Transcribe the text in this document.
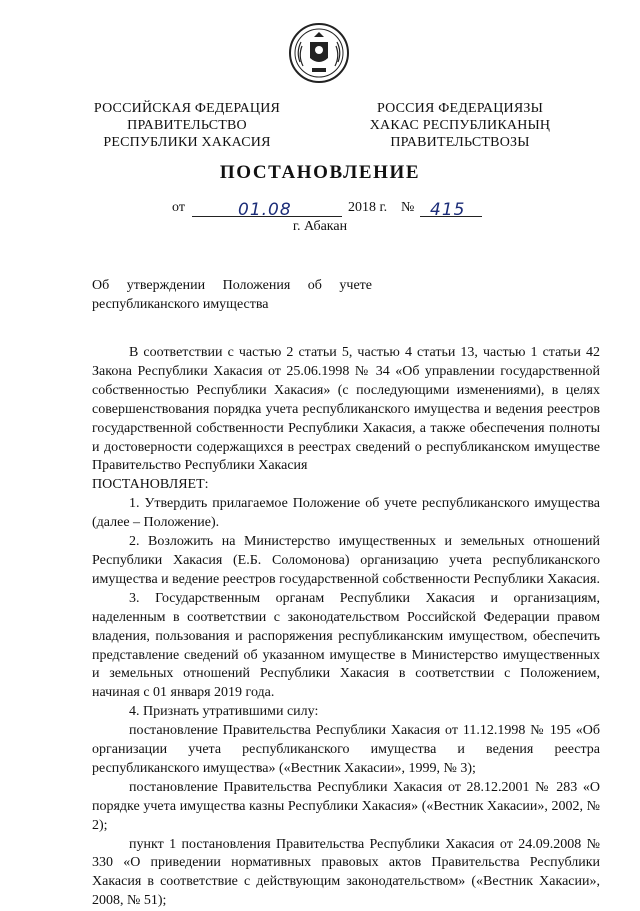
РОССИЙСКАЯ ФЕДЕРАЦИЯ
ПРАВИТЕЛЬСТВО
РЕСПУБЛИКИ ХАКАСИЯ
РОССИЯ ФЕДЕРАЦИЯЗЫ
ХАКАС РЕСПУБЛИКАНЫҢ
ПРАВИТЕЛЬСТВОЗЫ
ПОСТАНОВЛЕНИЕ
от	01.08	2018 г. № 415
г. Абакан
Об утверждении Положения об учете республиканского имущества

В соответствии с частью 2 статьи 5, частью 4 статьи 13, частью 1 статьи 42 Закона Республики Хакасия от 25.06.1998 № 34 «Об управлении государственной собственностью Республики Хакасия» (с последующими изменениями), в целях совершенствования порядка учета республиканского имущества и ведения реестров государственной собственности Республики Хакасия, а также обеспечения полноты и достоверности содержащихся в реестрах сведений о республиканском имуществе Правительство Республики Хакасия

ПОСТАНОВЛЯЕТ:

1. Утвердить прилагаемое Положение об учете республиканского имущества (далее – Положение).

2. Возложить на Министерство имущественных и земельных отношений Республики Хакасия (Е.Б. Соломонова) организацию учета республиканского имущества и ведение реестров государственной собственности Республики Хакасия.

3. Государственным органам Республики Хакасия и организациям, наделенным в соответствии с законодательством Российской Федерации правом владения, пользования и распоряжения республиканским имуществом, обеспечить представление сведений об указанном имуществе в Министерство имущественных и земельных отношений Республики Хакасия в соответствии с Положением, начиная с 01 января 2019 года.

4. Признать утратившими силу:

постановление Правительства Республики Хакасия от 11.12.1998 № 195 «Об организации учета республиканского имущества и ведения реестра республиканского имущества» («Вестник Хакасии», 1999, № 3);

постановление Правительства Республики Хакасия от 28.12.2001 № 283 «О порядке учета имущества казны Республики Хакасия» («Вестник Хакасии», 2002, № 2);

пункт 1 постановления Правительства Республики Хакасия от 24.09.2008 № 330 «О приведении нормативных правовых актов Правительства Республики Хакасия в соответствие с действующим законодательством» («Вестник Хакасии», 2008, № 51);
